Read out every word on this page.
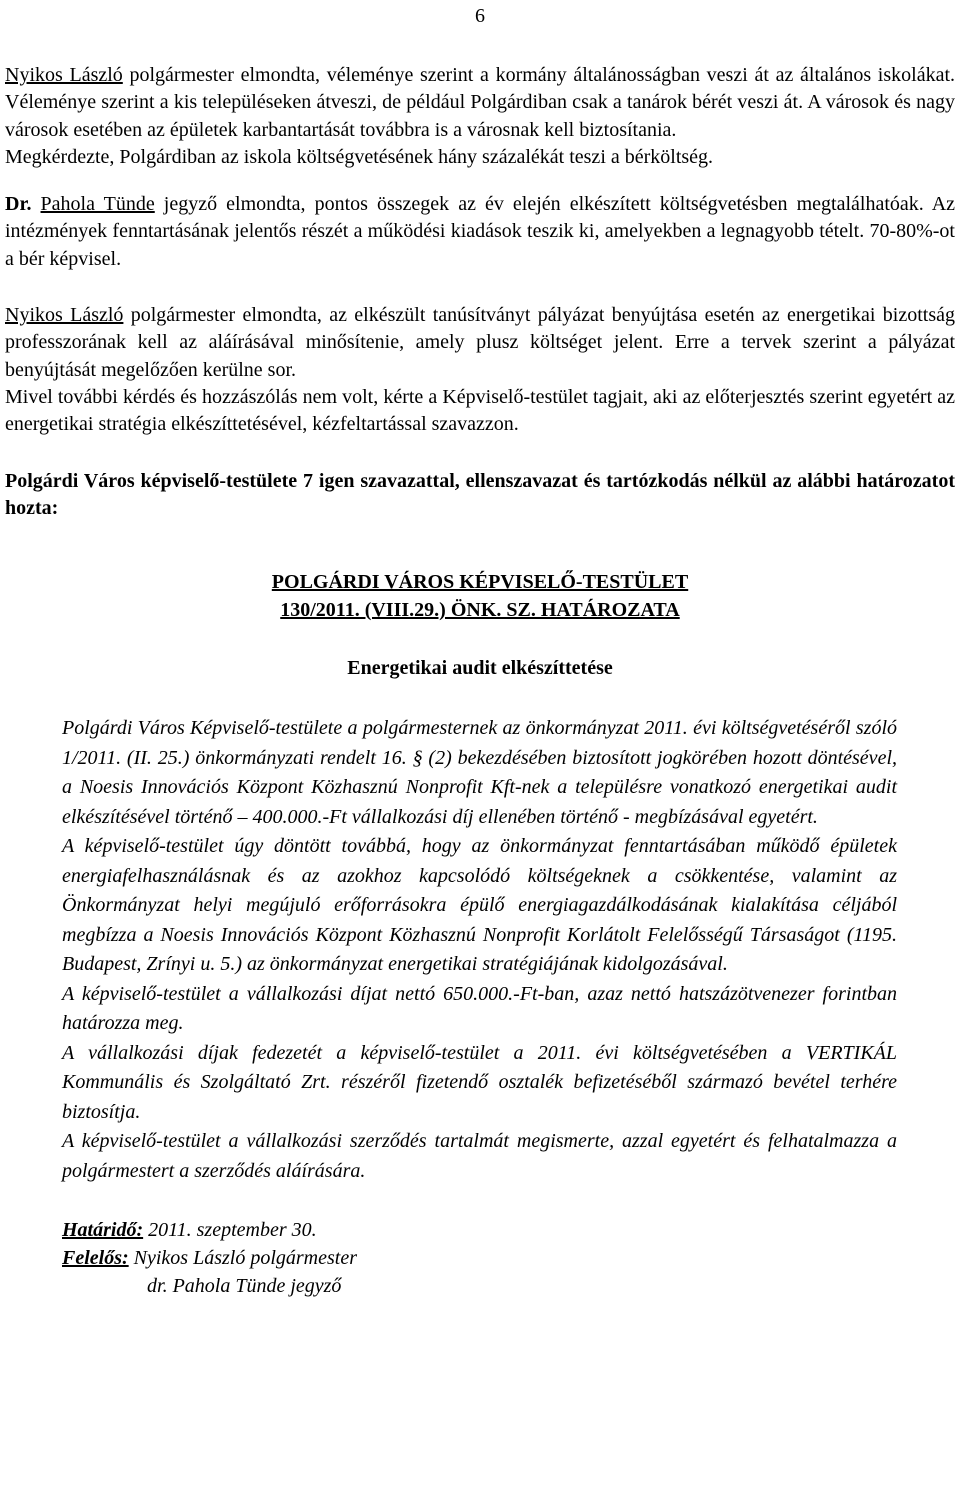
6

Nyikos László polgármester elmondta, véleménye szerint a kormány általánosságban veszi át az általános iskolákat. Véleménye szerint a kis településeken átveszi, de például Polgárdiban csak a tanárok bérét veszi át. A városok és nagy városok esetében az épületek karbantartását továbbra is a városnak kell biztosítania.

Megkérdezte, Polgárdiban az iskola költségvetésének hány százalékát teszi a bérköltség.

Dr. Pahola Tünde jegyző elmondta, pontos összegek az év elején elkészített költségvetésben megtalálhatóak. Az intézmények fenntartásának jelentős részét a működési kiadások teszik ki, amelyekben a legnagyobb tételt. 70-80%-ot a bér képvisel.

Nyikos László polgármester elmondta, az elkészült tanúsítványt pályázat benyújtása esetén az energetikai bizottság professzorának kell az aláírásával minősítenie, amely plusz költséget jelent. Erre a tervek szerint a pályázat benyújtását megelőzően kerülne sor.

Mivel további kérdés és hozzászólás nem volt, kérte a Képviselő-testület tagjait, aki az előterjesztés szerint egyetért az energetikai stratégia elkészíttetésével, kézfeltartással szavazzon.

Polgárdi Város képviselő-testülete 7 igen szavazattal, ellenszavazat és tartózkodás nélkül az alábbi határozatot hozta:

POLGÁRDI VÁROS KÉPVISELŐ-TESTÜLET
130/2011. (VIII.29.) ÖNK. SZ. HATÁROZATA
Energetikai audit elkészíttetése

Polgárdi Város Képviselő-testülete a polgármesternek az önkormányzat 2011. évi költségvetéséről szóló 1/2011. (II. 25.) önkormányzati rendelt 16. § (2) bekezdésében biztosított jogkörében hozott döntésével, a Noesis Innovációs Központ Közhasznú Nonprofit Kft-nek a településre vonatkozó energetikai audit elkészítésével történő – 400.000.-Ft vállalkozási díj ellenében történő - megbízásával egyetért.

A képviselő-testület úgy döntött továbbá, hogy az önkormányzat fenntartásában működő épületek energiafelhasználásnak és az azokhoz kapcsolódó költségeknek a csökkentése, valamint az Önkormányzat helyi megújuló erőforrásokra épülő energiagazdálkodásának kialakítása céljából megbízza a Noesis Innovációs Központ Közhasznú Nonprofit Korlátolt Felelősségű Társaságot (1195. Budapest, Zrínyi u. 5.) az önkormányzat energetikai stratégiájának kidolgozásával.

A képviselő-testület a vállalkozási díjat nettó 650.000.-Ft-ban, azaz nettó hatszázötvenezer forintban határozza meg.

A vállalkozási díjak fedezetét a képviselő-testület a 2011. évi költségvetésében a VERTIKÁL Kommunális és Szolgáltató Zrt. részéről fizetendő osztalék befizetéséből származó bevétel terhére biztosítja.

A képviselő-testület a vállalkozási szerződés tartalmát megismerte, azzal egyetért és felhatalmazza a polgármestert a szerződés aláírására.

Határidő: 2011. szeptember 30.
Felelős: Nyikos László polgármester
dr. Pahola Tünde jegyző
